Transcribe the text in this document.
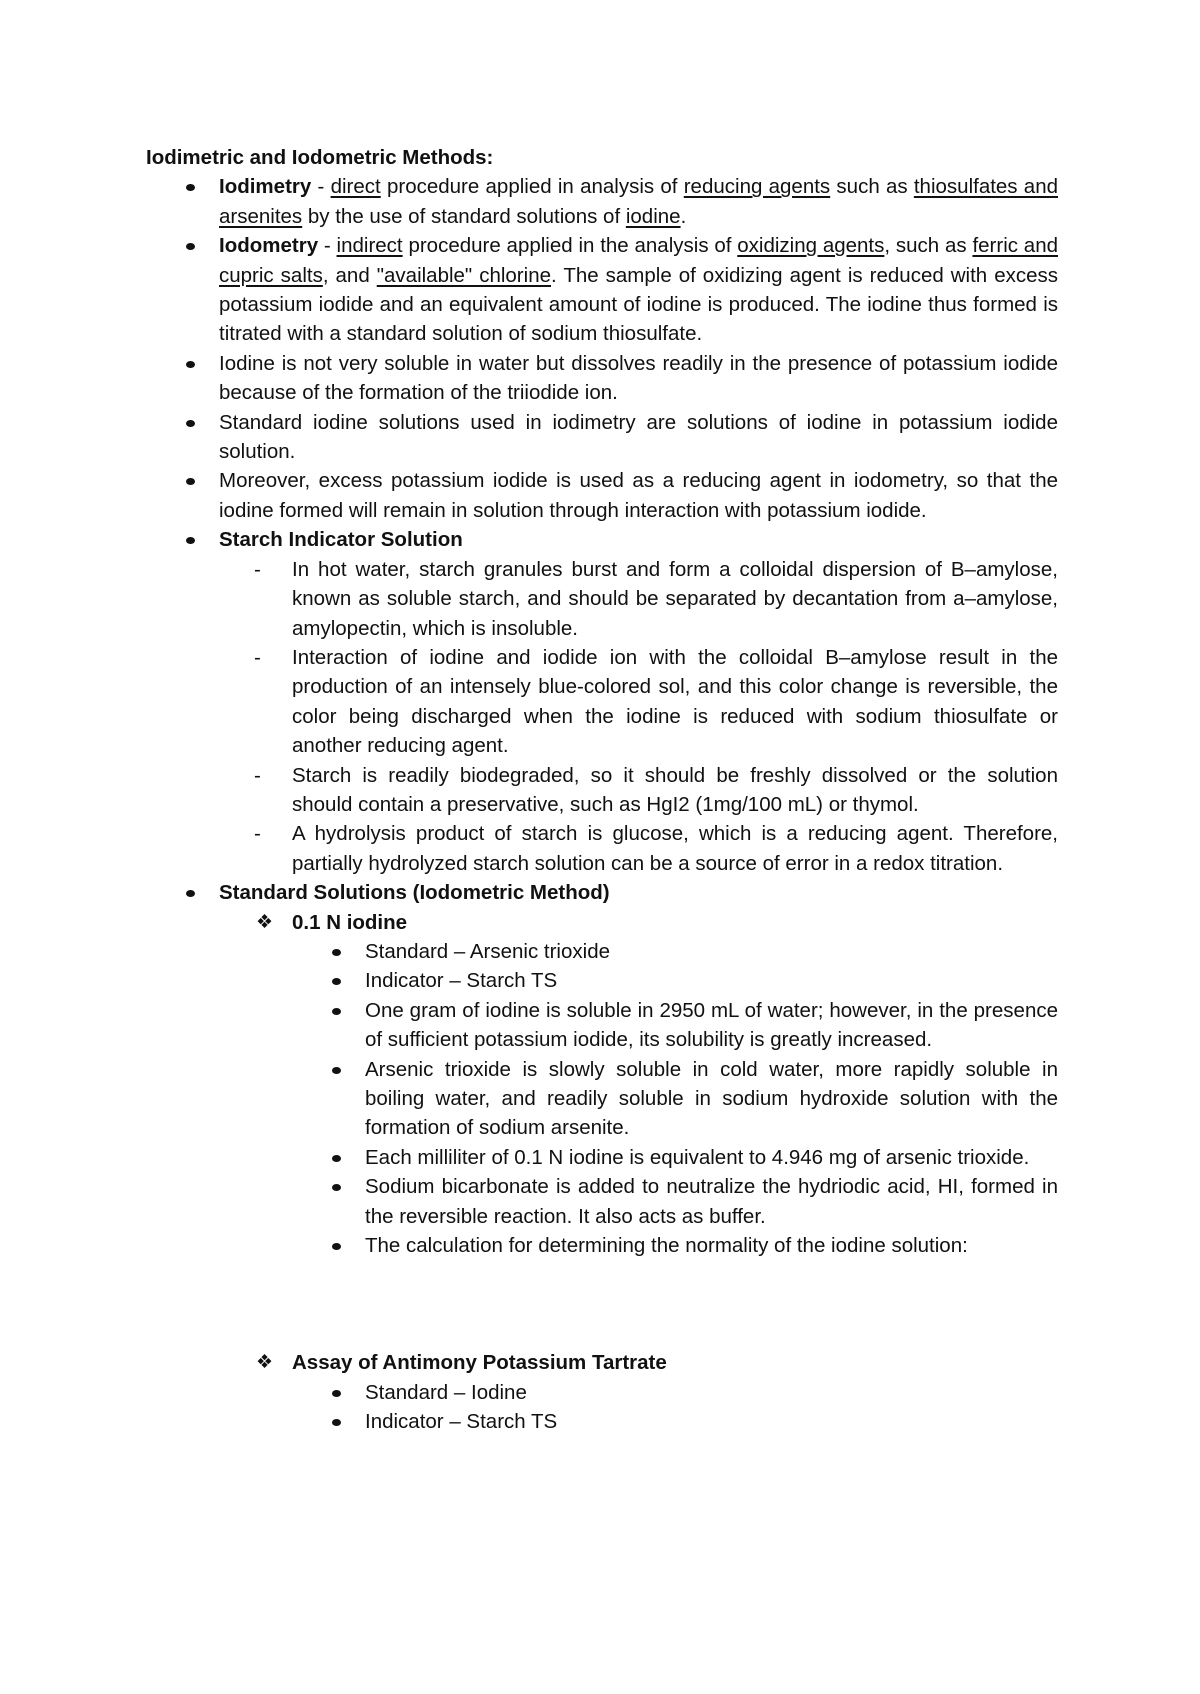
Iodimetric and Iodometric Methods:

Iodimetry - direct procedure applied in analysis of reducing agents such as thiosulfates and arsenites by the use of standard solutions of iodine.
Iodometry - indirect procedure applied in the analysis of oxidizing agents, such as ferric and cupric salts, and "available" chlorine. The sample of oxidizing agent is reduced with excess potassium iodide and an equivalent amount of iodine is produced. The iodine thus formed is titrated with a standard solution of sodium thiosulfate.
Iodine is not very soluble in water but dissolves readily in the presence of potassium iodide because of the formation of the triiodide ion.
Standard iodine solutions used in iodimetry are solutions of iodine in potassium iodide solution.
Moreover, excess potassium iodide is used as a reducing agent in iodometry, so that the iodine formed will remain in solution through interaction with potassium iodide.
Starch Indicator Solution
-	In hot water, starch granules burst and form a colloidal dispersion of B–amylose, known as soluble starch, and should be separated by decantation from a–amylose, amylopectin, which is insoluble.
-	Interaction of iodine and iodide ion with the colloidal B–amylose result in the production of an intensely blue-colored sol, and this color change is reversible, the color being discharged when the iodine is reduced with sodium thiosulfate or another reducing agent.
-	Starch is readily biodegraded, so it should be freshly dissolved or the solution should contain a preservative, such as HgI2 (1mg/100 mL) or thymol.
-	A hydrolysis product of starch is glucose, which is a reducing agent. Therefore, partially hydrolyzed starch solution can be a source of error in a redox titration.
Standard Solutions (Iodometric Method)
❖ 0.1 N iodine
Standard – Arsenic trioxide
Indicator – Starch TS
One gram of iodine is soluble in 2950 mL of water; however, in the presence of sufficient potassium iodide, its solubility is greatly increased.
Arsenic trioxide is slowly soluble in cold water, more rapidly soluble in boiling water, and readily soluble in sodium hydroxide solution with the formation of sodium arsenite.
Each milliliter of 0.1 N iodine is equivalent to 4.946 mg of arsenic trioxide.
Sodium bicarbonate is added to neutralize the hydriodic acid, HI, formed in the reversible reaction. It also acts as buffer.
The calculation for determining the normality of the iodine solution:
❖ Assay of Antimony Potassium Tartrate
Standard – Iodine
Indicator – Starch TS
